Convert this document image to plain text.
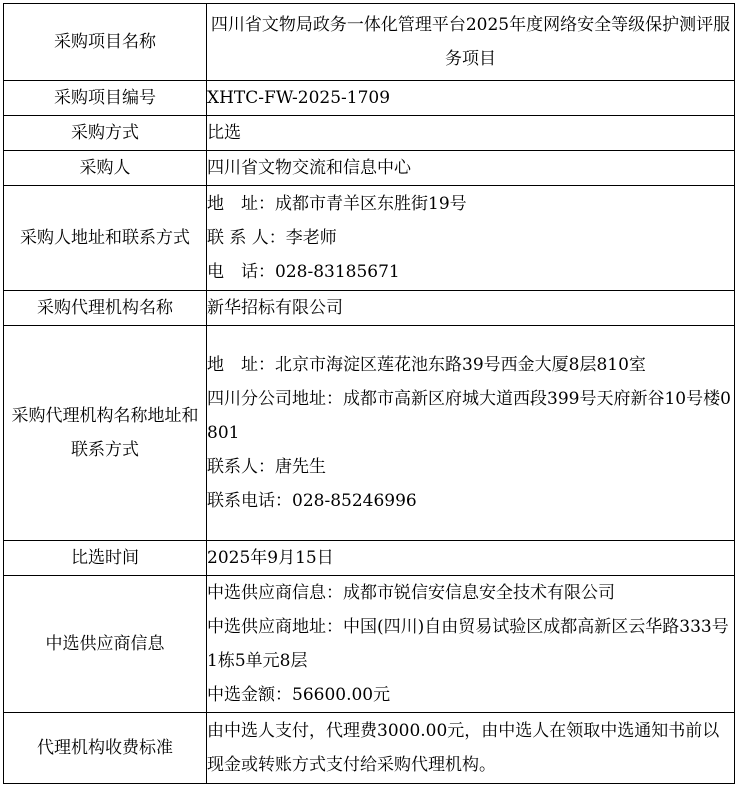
采购项目名称	四川省文物局政务一体化管理平台2025年度网络安全等级保护测评服务项目
采购项目编号	XHTC-FW-2025-1709
采购方式	比选
采购人	四川省文物交流和信息中心
采购人地址和联系方式	地　址：成都市青羊区东胜街19号
联 系 人：李老师
电　话：028-83185671

采购代理机构名称	新华招标有限公司
采购代理机构名称地址和联系方式	地　址：北京市海淀区莲花池东路39号西金大厦8层810室
四川分公司地址：成都市高新区府城大道西段399号天府新谷10号楼0801
联系人：唐先生
联系电话：028-85246996

比选时间	2025年9月15日
中选供应商信息	中选供应商信息：成都市锐信安信息安全技术有限公司
中选供应商地址：中国(四川)自由贸易试验区成都高新区云华路333号1栋5单元8层
中选金额：56600.00元

代理机构收费标准	由中选人支付，代理费3000.00元，由中选人在领取中选通知书前以现金或转账方式支付给采购代理机构。
